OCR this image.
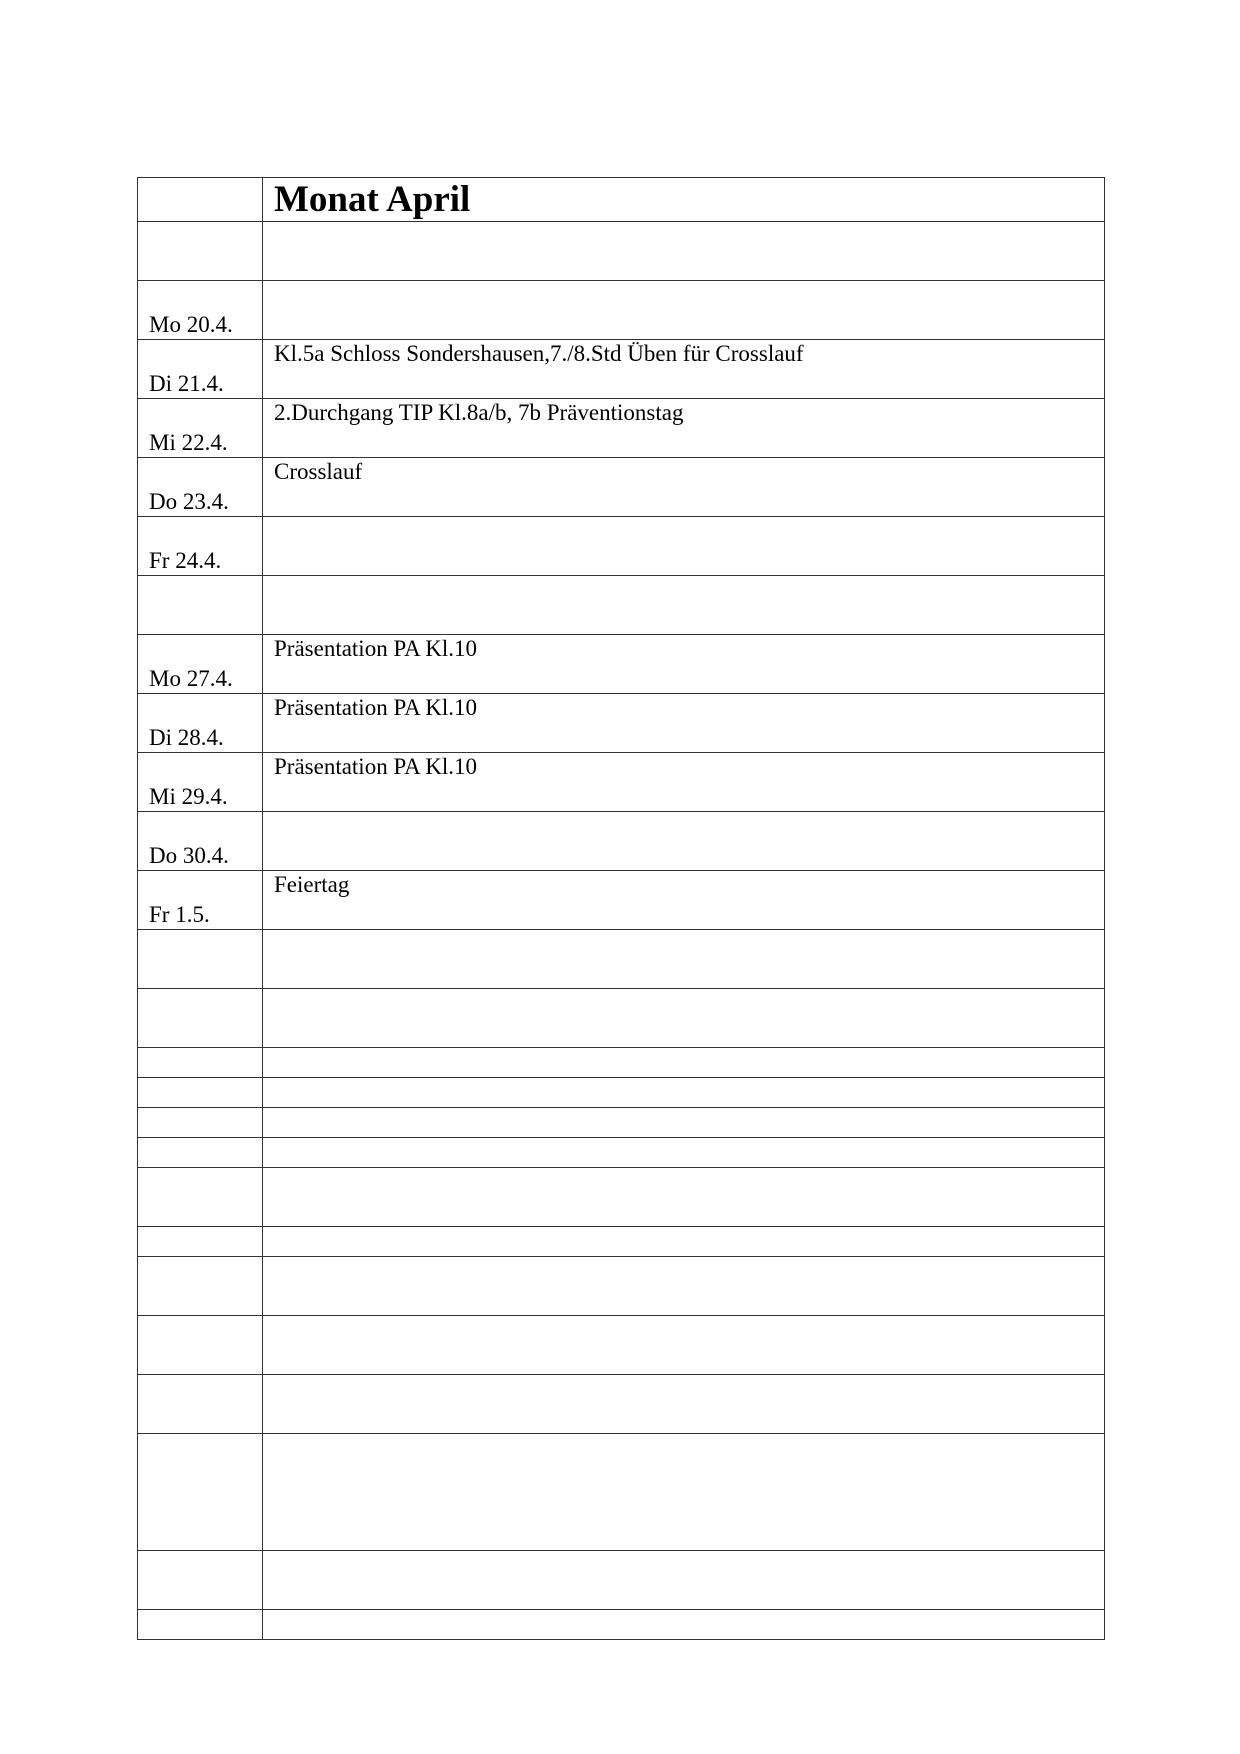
	Monat April

Mo 20.4.	

Di 21.4.	Kl.5a Schloss Sondershausen,7./8.Std Üben für Crosslauf

Mi 22.4.	2.Durchgang TIP Kl.8a/b, 7b Präventionstag

Do 23.4.	Crosslauf

Fr 24.4.	

Mo 27.4.	Präsentation PA Kl.10

Di 28.4.	Präsentation PA Kl.10

Mi 29.4.	Präsentation PA Kl.10

Do 30.4.	

Fr 1.5.	Feiertag
